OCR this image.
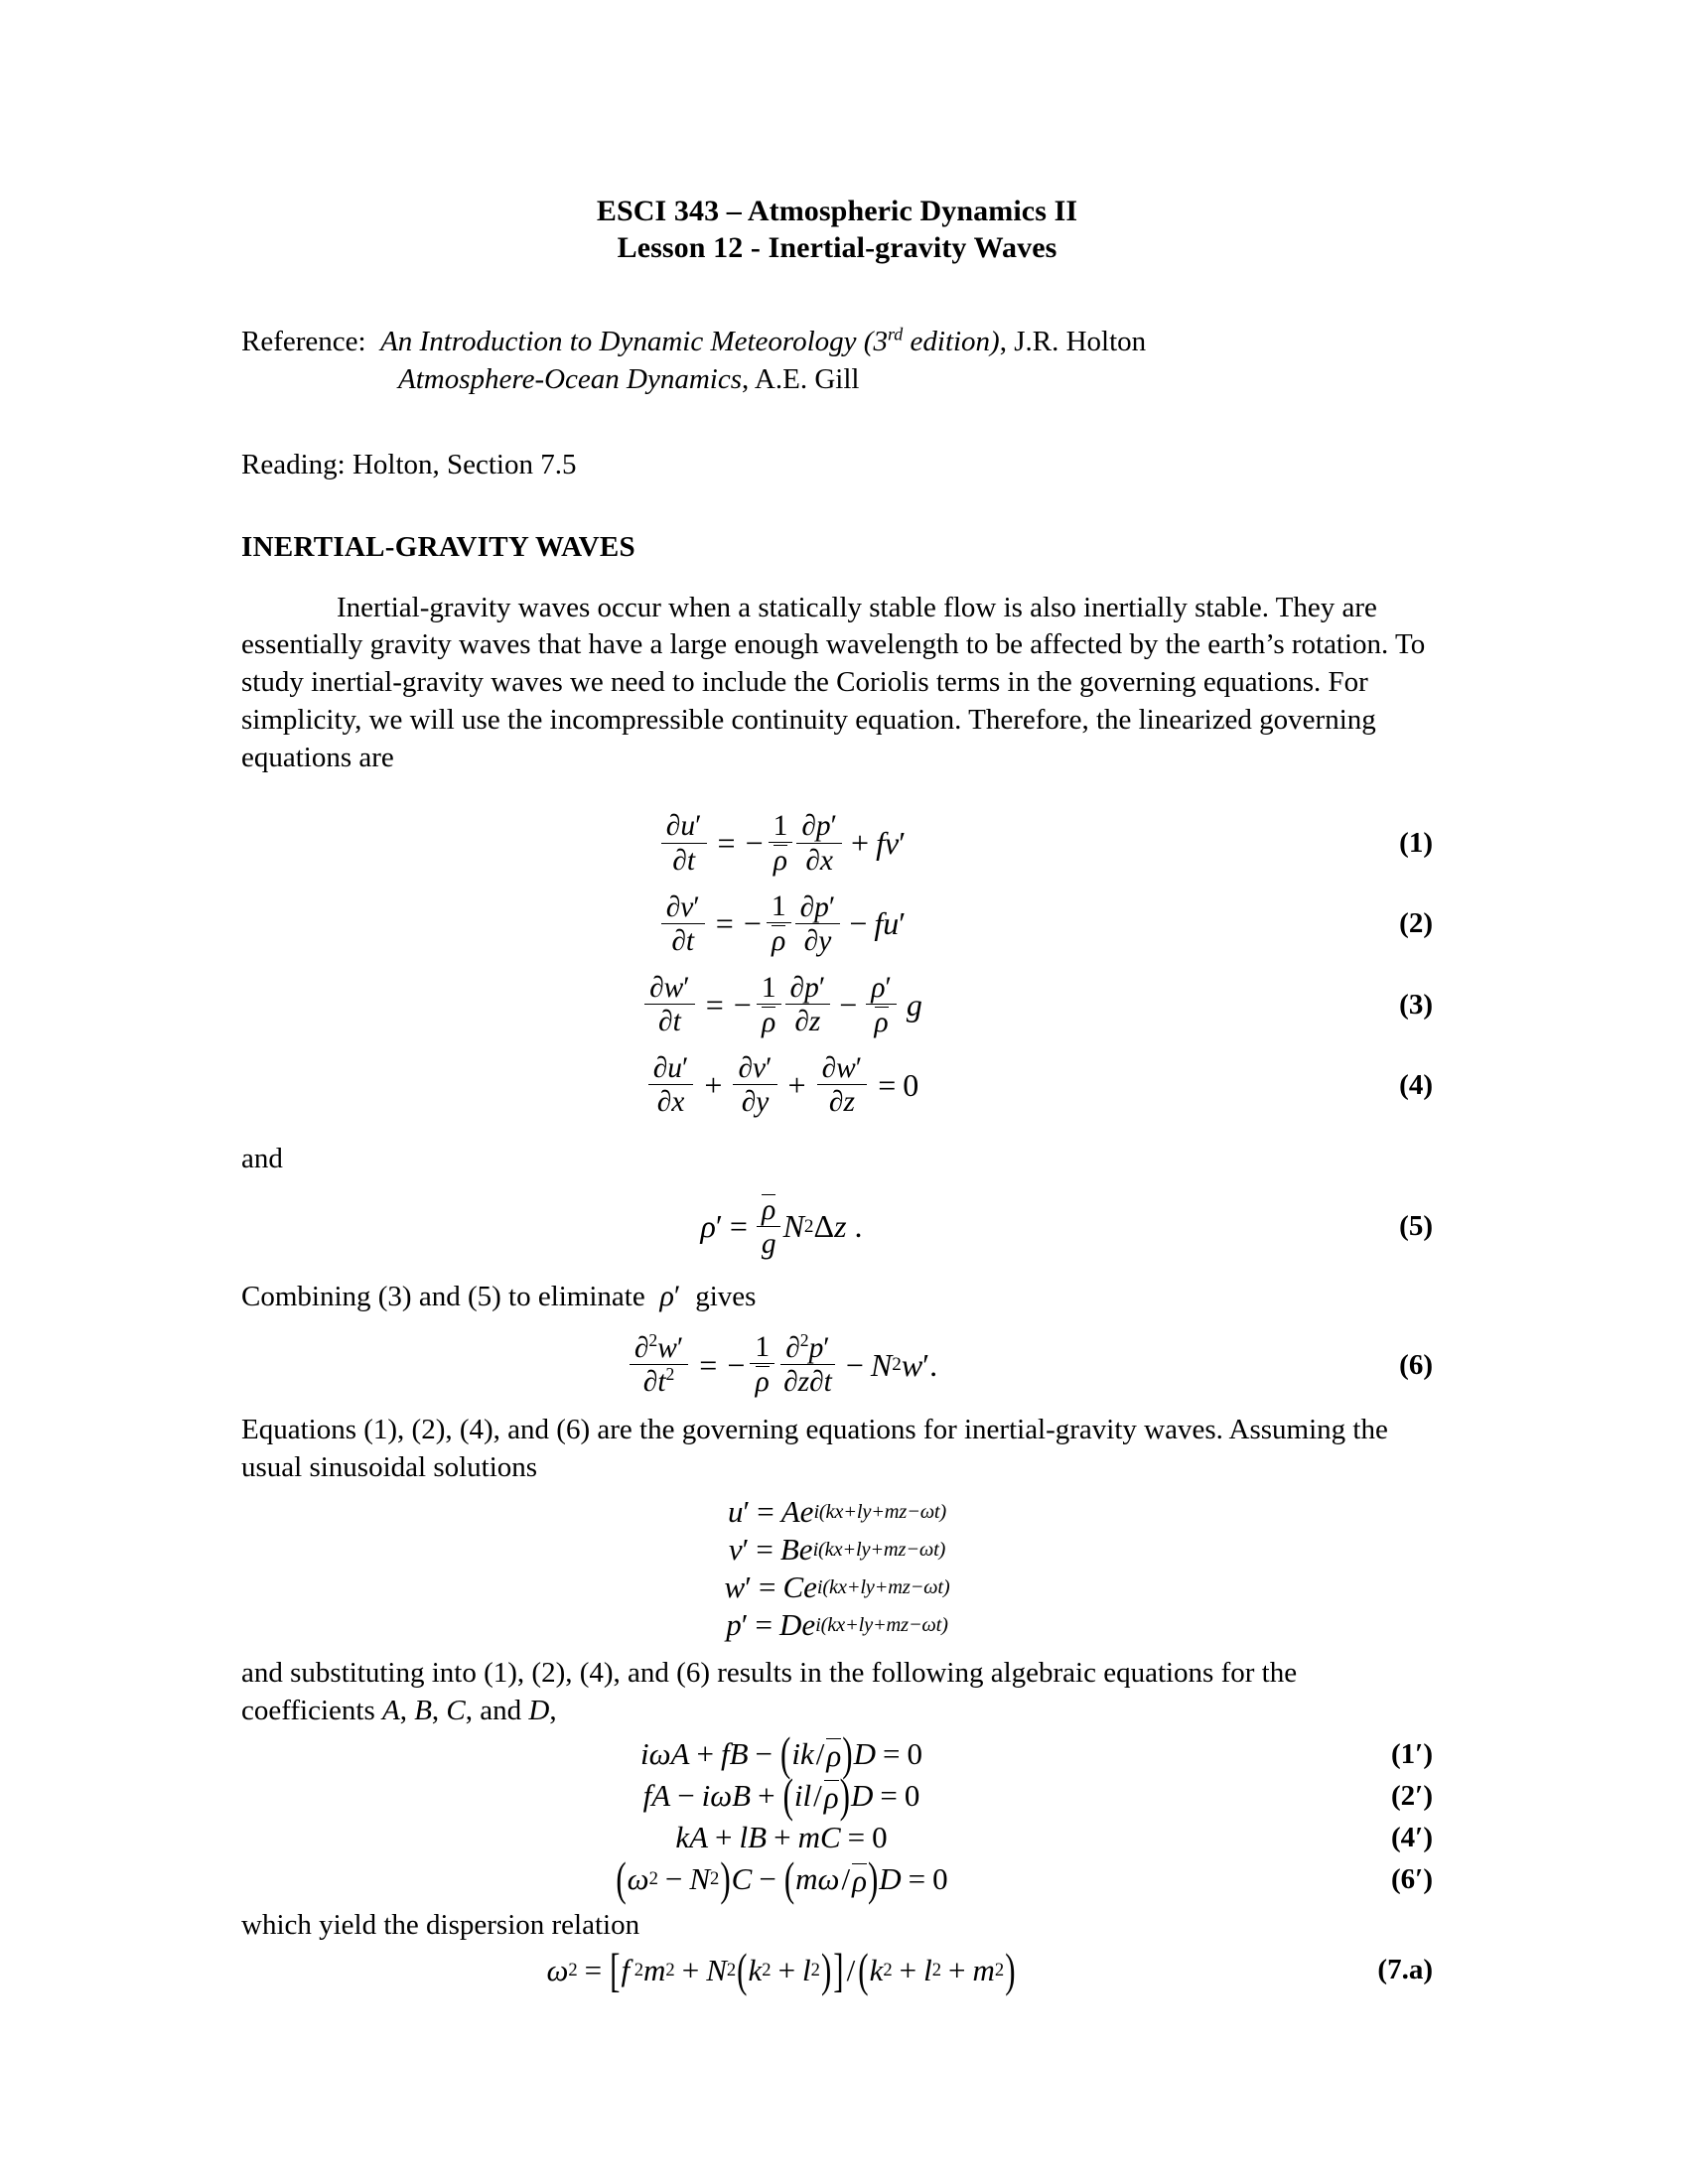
ESCI 343 – Atmospheric Dynamics II
Lesson 12 - Inertial-gravity Waves
Reference: An Introduction to Dynamic Meteorology (3rd edition), J.R. Holton
Atmosphere-Ocean Dynamics, A.E. Gill
Reading: Holton, Section 7.5
INERTIAL-GRAVITY WAVES
Inertial-gravity waves occur when a statically stable flow is also inertially stable. They are essentially gravity waves that have a large enough wavelength to be affected by the earth’s rotation. To study inertial-gravity waves we need to include the Coriolis terms in the governing equations. For simplicity, we will use the incompressible continuity equation. Therefore, the linearized governing equations are
$\frac{\partial u'}{\partial t}$ = − $\frac{1}{\rho} \frac{\partial p'}{\partial x}$ + fv ′	(1)
$\frac{\partial v'}{\partial t}$ = − $\frac{1}{\rho} \frac{\partial p'}{\partial y}$ − fu ′	(2)
$\frac{\partial w'}{\partial t}$ = − $\frac{1}{\rho} \frac{\partial p'}{\partial z} - \frac{\rho'}{\rho}$ g	(3)
$\frac{\partial u'}{\partial x} + \frac{\partial v'}{\partial y} + \frac{\partial w'}{\partial z} = 0$	(4)
and
ρ ′ = $\frac{\rho}{g}$ N 2 Δ z .	(5)
Combining (3) and (5) to eliminate  ρ ′ gives
$\frac{\partial^2w'}{\partial t^2}$ = − $\frac{1}{\rho} \frac{\partial^2p'}{\partial z\partial t} - N$ 2 w ′ .	(6)
Equations (1), (2), (4), and (6) are the governing equations for inertial-gravity waves. Assuming the usual sinusoidal solutions
u ′ = Ae i(kx+ly+mz−ωt)
v ′ = Be i(kx+ly+mz−ωt)
w ′ = Ce i(kx+ly+mz−ωt)
p ′ = De i(kx+ly+mz−ωt)
and substituting into (1), (2), (4), and (6) results in the following algebraic equations for the coefficients A, B, C, and D,
iωA + fB − ( ik / ρ ) D = 0	(1′)
fA − iωB + ( il / ρ ) D = 0	(2′)
kA + lB + mC = 0	(4′)
( ω 2 − N 2 ) C − ( mω / ρ ) D = 0	(6′)
which yield the dispersion relation
ω 2 = [ f 2 m 2 + N 2 ( k 2 + l 2 ) ] / ( k 2 + l 2 + m 2 )	(7.a)
